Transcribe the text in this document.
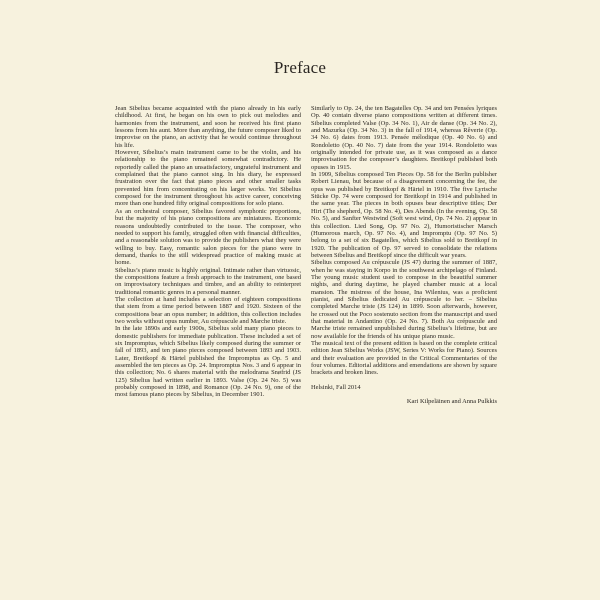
Preface

Jean Sibelius became acquainted with the piano already in his early childhood. At first, he began on his own to pick out melodies and harmonies from the instrument, and soon he received his first piano lessons from his aunt. More than anything, the future composer liked to improvise on the piano, an activity that he would continue throughout his life.

However, Sibelius’s main instrument came to be the violin, and his relationship to the piano remained somewhat contradictory. He reportedly called the piano an unsatisfactory, ungrateful instrument and complained that the piano cannot sing. In his diary, he expressed frustration over the fact that piano pieces and other smaller tasks prevented him from concentrating on his larger works. Yet Sibelius composed for the instrument throughout his active career, conceiving more than one hundred fifty original compositions for solo piano.

As an orchestral composer, Sibelius favored symphonic proportions, but the majority of his piano compositions are miniatures. Economic reasons undoubtedly contributed to the issue. The composer, who needed to support his family, struggled often with financial difficulties, and a reasonable solution was to provide the publishers what they were willing to buy. Easy, romantic salon pieces for the piano were in demand, thanks to the still widespread practice of making music at home.

Sibelius’s piano music is highly original. Intimate rather than virtuosic, the compositions feature a fresh approach to the instrument, one based on improvisatory techniques and timbre, and an ability to reinterpret traditional romantic genres in a personal manner.

The collection at hand includes a selection of eighteen compositions that stem from a time period between 1887 and 1920. Sixteen of the compositions bear an opus number; in addition, this collection includes two works without opus number, Au crépuscule and Marche triste.

In the late 1890s and early 1900s, Sibelius sold many piano pieces to domestic publishers for immediate publication. These included a set of six Impromptus, which Sibelius likely composed during the summer or fall of 1893, and ten piano pieces composed between 1893 and 1903. Later, Breitkopf & Härtel published the Impromptus as Op. 5 and assembled the ten pieces as Op. 24. Impromptus Nos. 3 and 6 appear in this collection; No. 6 shares material with the melodrama Snøfrid (JS 125) Sibelius had written earlier in 1893. Valse (Op. 24 No. 5) was probably composed in 1898, and Romance (Op. 24 No. 9), one of the most famous piano pieces by Sibelius, in December 1901.

Similarly to Op. 24, the ten Bagatelles Op. 34 and ten Pensées lyriques Op. 40 contain diverse piano compositions written at different times. Sibelius completed Valse (Op. 34 No. 1), Air de danse (Op. 34 No. 2), and Mazurka (Op. 34 No. 3) in the fall of 1914, whereas Rêverie (Op. 34 No. 6) dates from 1913. Pensée mélodique (Op. 40 No. 6) and Rondoletto (Op. 40 No. 7) date from the year 1914. Rondoletto was originally intended for private use, as it was composed as a dance improvisation for the composer’s daughters. Breitkopf published both opuses in 1915.

In 1909, Sibelius composed Ten Pieces Op. 58 for the Berlin publisher Robert Lienau, but because of a disagreement concerning the fee, the opus was published by Breitkopf & Härtel in 1910. The five Lyrische Stücke Op. 74 were composed for Breitkopf in 1914 and published in the same year. The pieces in both opuses bear descriptive titles; Der Hirt (The shepherd, Op. 58 No. 4), Des Abends (In the evening, Op. 58 No. 5), and Sanfter Westwind (Soft west wind, Op. 74 No. 2) appear in this collection. Lied Song, Op. 97 No. 2), Humoristischer Marsch (Humorous march, Op. 97 No. 4), and Impromptu (Op. 97 No. 5) belong to a set of six Bagatelles, which Sibelius sold to Breitkopf in 1920. The publication of Op. 97 served to consolidate the relations between Sibelius and Breitkopf since the difficult war years.

Sibelius composed Au crépuscule (JS 47) during the summer of 1887, when he was staying in Korpo in the southwest archipelago of Finland. The young music student used to compose in the beautiful summer nights, and during daytime, he played chamber music at a local mansion. The mistress of the house, Ina Wilenius, was a proficient pianist, and Sibelius dedicated Au crépuscule to her. – Sibelius completed Marche triste (JS 124) in 1899. Soon afterwards, however, he crossed out the Poco sostenuto section from the manuscript and used that material in Andantino (Op. 24 No. 7). Both Au crépuscule and Marche triste remained unpublished during Sibelius’s lifetime, but are now available for the friends of his unique piano music.

The musical text of the present edition is based on the complete critical edition Jean Sibelius Works (JSW, Series V: Works for Piano). Sources and their evaluation are provided in the Critical Commentaries of the four volumes. Editorial additions and emendations are shown by square brackets and broken lines.

Helsinki, Fall 2014

Kari Kilpeläinen and Anna Pulkkis
